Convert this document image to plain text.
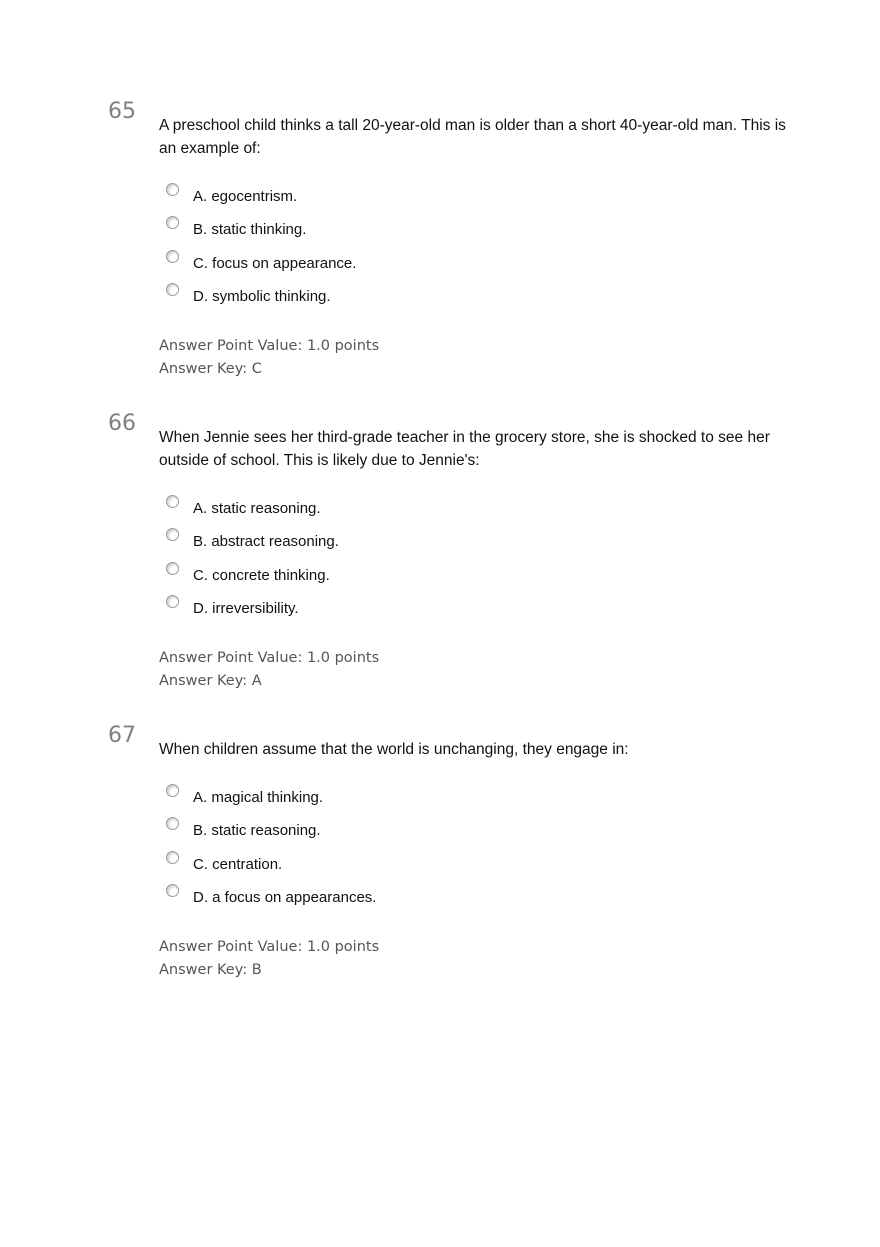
65

A preschool child thinks a tall 20-year-old man is older than a short 40-year-old man. This is an example of:

A. egocentrism.
B. static thinking.
C. focus on appearance.
D. symbolic thinking.
Answer Point Value: 1.0 points
Answer Key: C
66

When Jennie sees her third-grade teacher in the grocery store, she is shocked to see her outside of school. This is likely due to Jennie's:

A. static reasoning.
B. abstract reasoning.
C. concrete thinking.
D. irreversibility.
Answer Point Value: 1.0 points
Answer Key: A
67

When children assume that the world is unchanging, they engage in:

A. magical thinking.
B. static reasoning.
C. centration.
D. a focus on appearances.
Answer Point Value: 1.0 points
Answer Key: B
